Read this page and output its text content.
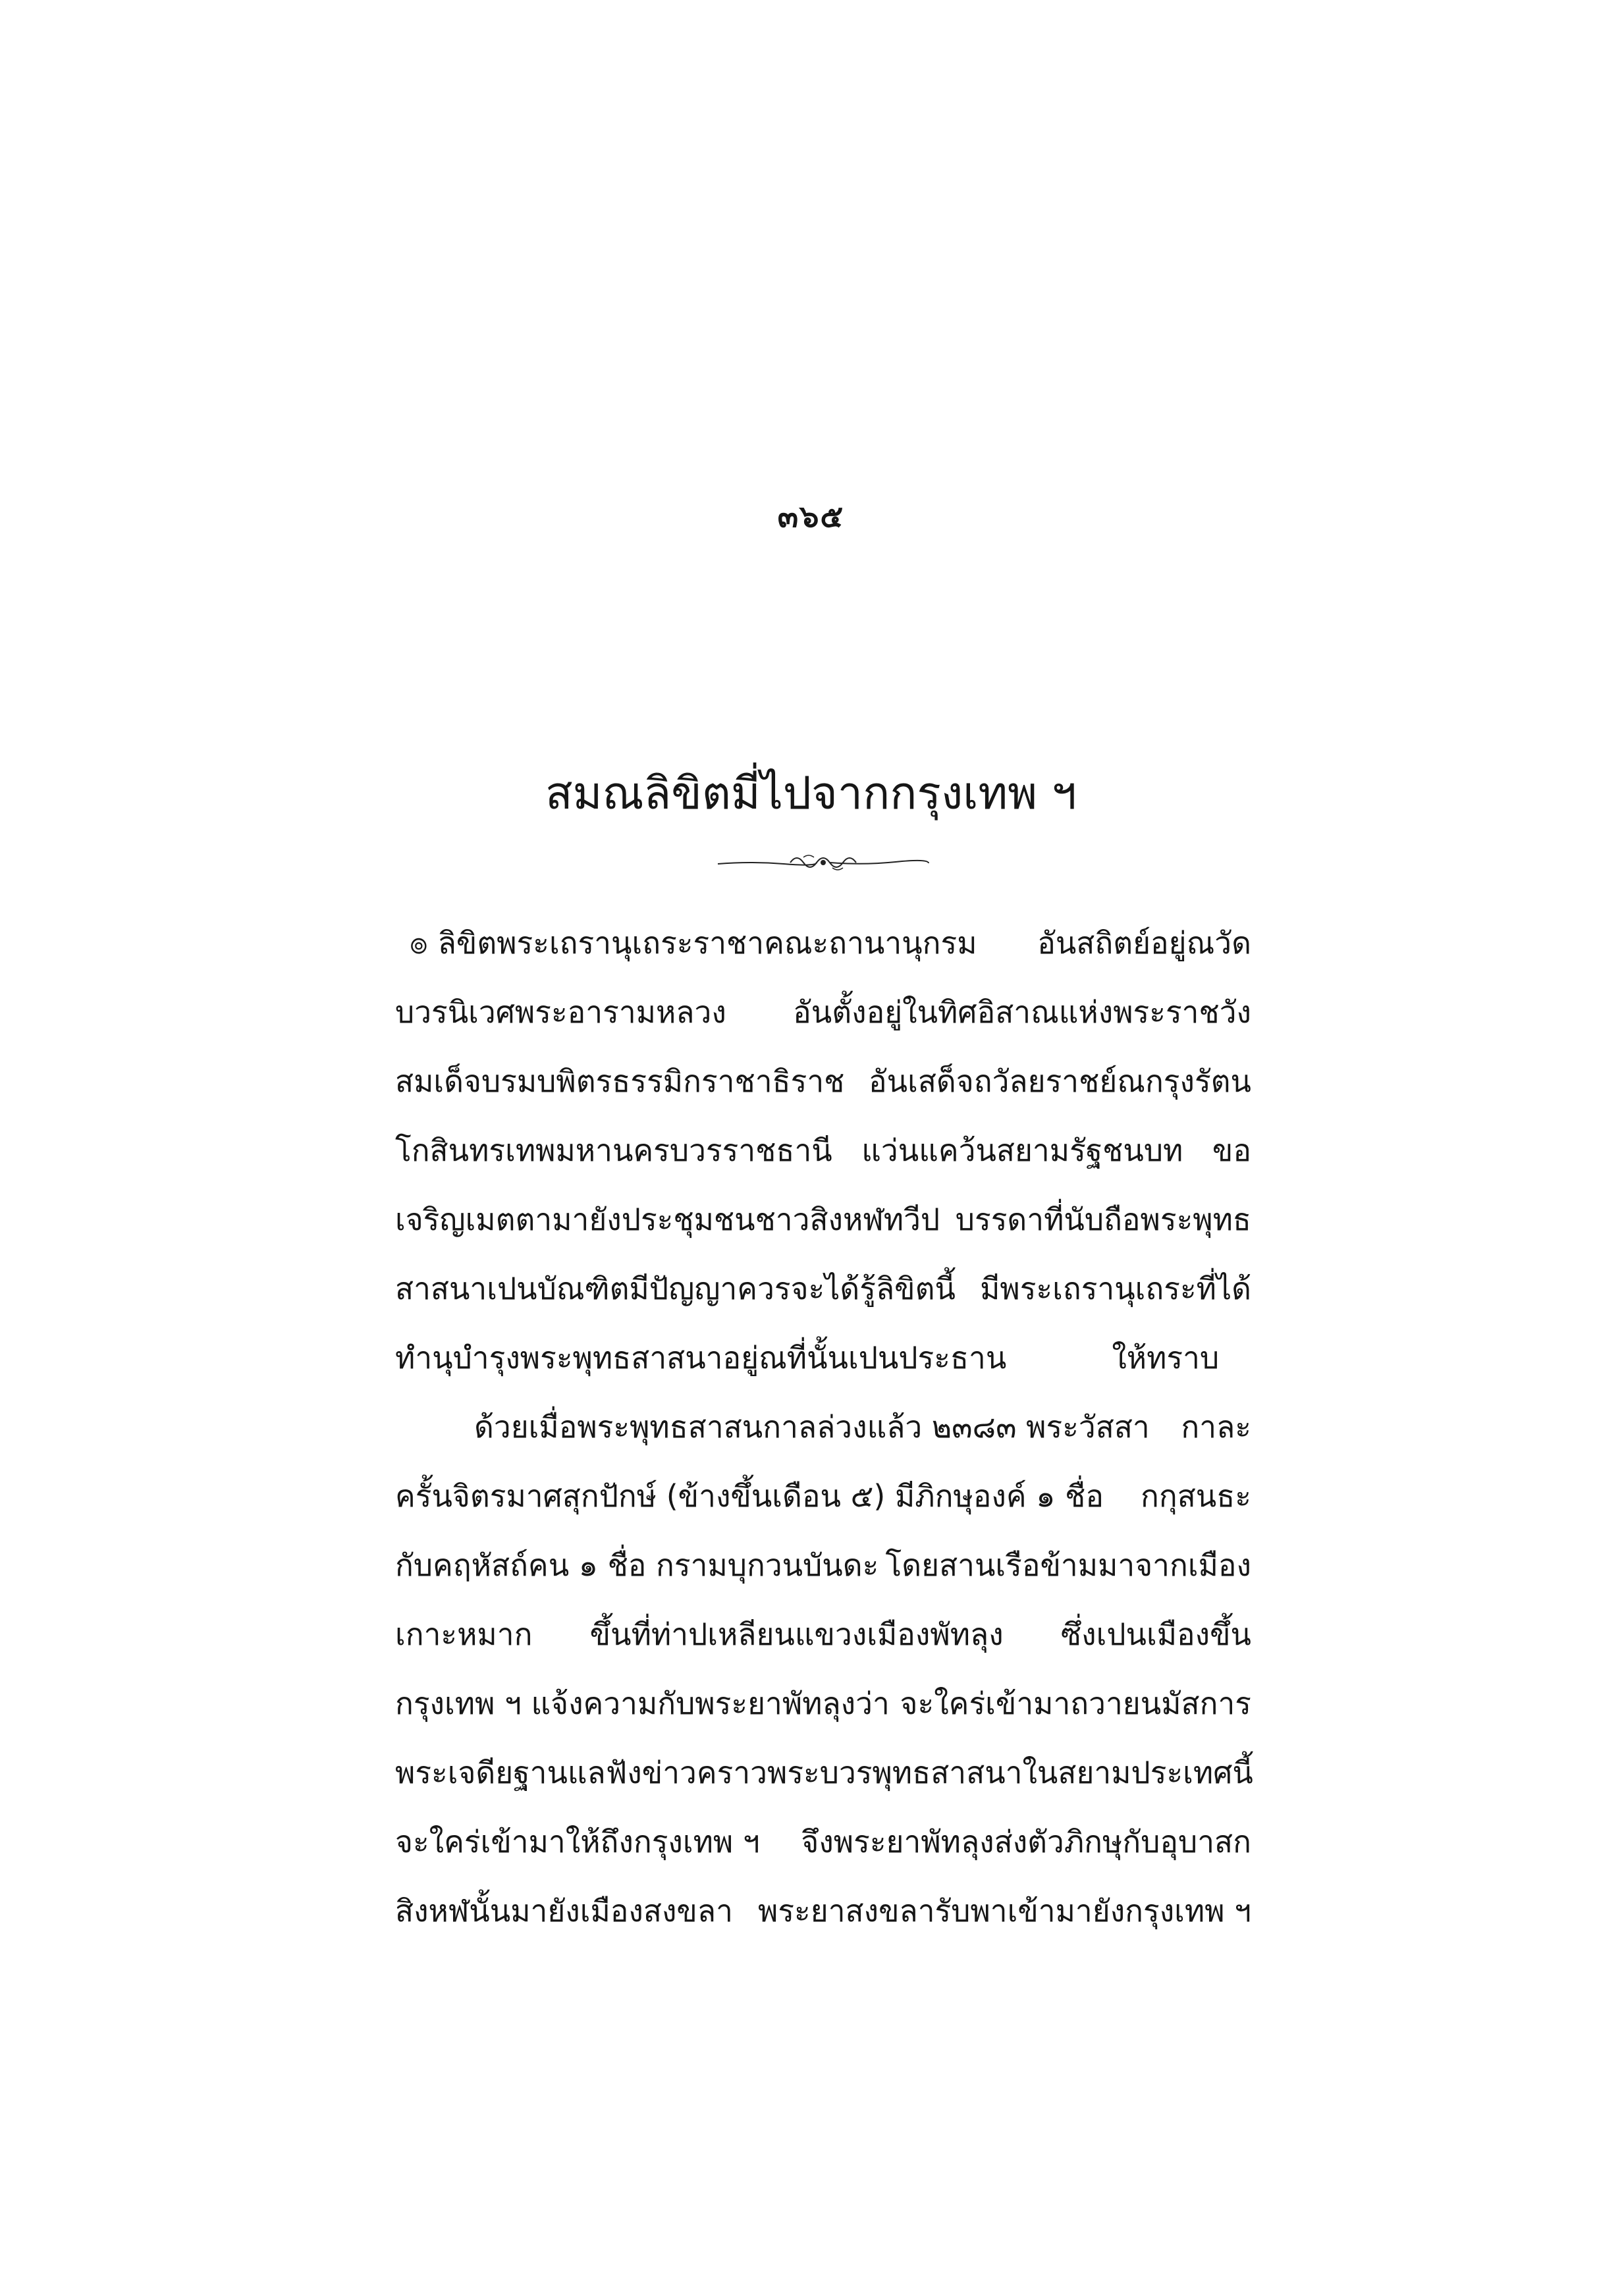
๓๖๕
สมณลิขิตมี่ไปจากกรุงเทพ ฯ
๏ ลิขิตพระเถรานุเถระราชาคณะถานานุกรม อันสถิตย์อยู่ณวัด
บวรนิเวศพระอารามหลวง อันตั้งอยู่ในทิศอิสาณแห่งพระราชวัง
สมเด็จบรมบพิตรธรรมิกราชาธิราช อันเสด็จถวัลยราชย์ณกรุงรัตน
โกสินทรเทพมหานครบวรราชธานี แว่นแคว้นสยามรัฐชนบท ขอ
เจริญเมตตามายังประชุมชนชาวสิงหฬทวีป บรรดาที่นับถือพระพุทธ
สาสนาเปนบัณฑิตมีปัญญาควรจะได้รู้ลิขิตนี้ มีพระเถรานุเถระที่ได้
ทำนุบำรุงพระพุทธสาสนาอยู่ณที่นั้นเปนประธาน	ให้ทราบ
ด้วยเมื่อพระพุทธสาสนกาลล่วงแล้ว ๒๓๘๓ พระวัสสา กาละ
ครั้นจิตรมาศสุกปักษ์ (ข้างขึ้นเดือน ๕) มีภิกษุองค์ ๑ ชื่อ กกุสนธะ
กับคฤหัสถ์คน ๑ ชื่อ กรามบุกวนบันดะ โดยสานเรือข้ามมาจากเมือง
เกาะหมาก ขึ้นที่ท่าปเหลียนแขวงเมืองพัทลุง ซึ่งเปนเมืองขึ้น
กรุงเทพ ฯ แจ้งความกับพระยาพัทลุงว่า จะใคร่เข้ามาถวายนมัสการ
พระเจดียฐาน แลฟังข่าวคราวพระบวรพุทธสาสนาในสยามประเทศนี้
จะใคร่เข้ามาให้ถึงกรุงเทพ ฯ จึงพระยาพัทลุงส่งตัวภิกษุกับอุบาสก
สิงหฬนั้นมายังเมืองสงขลา พระยาสงขลารับพาเข้ามายังกรุงเทพ ฯ
